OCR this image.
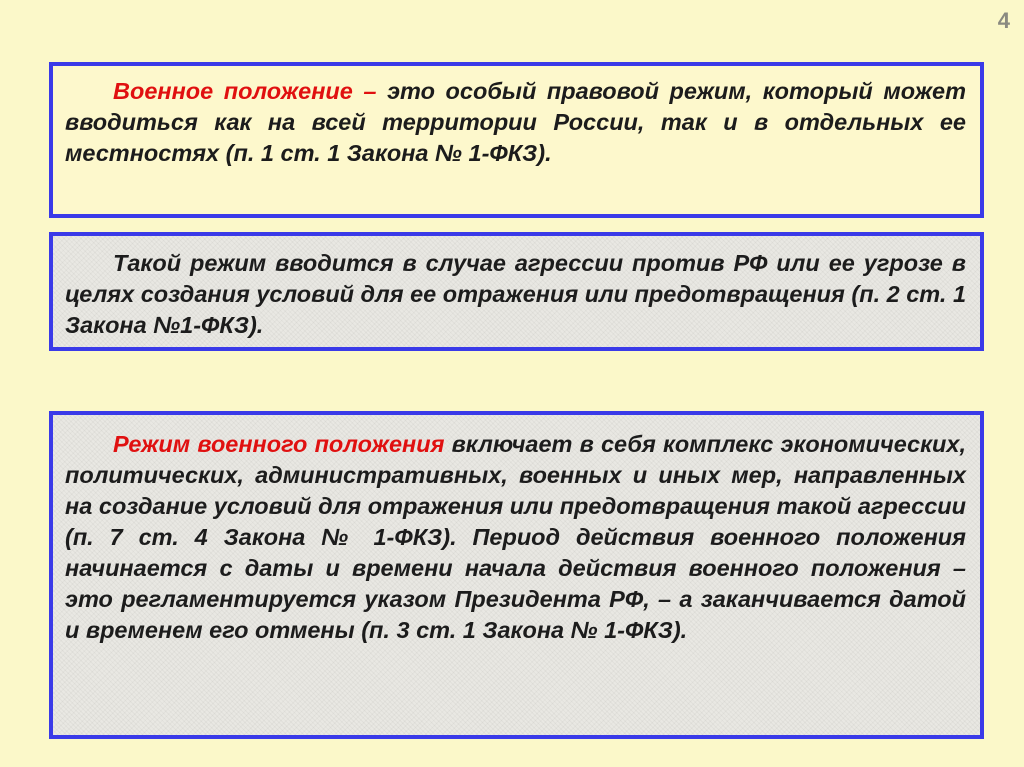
4

Военное положение – это особый правовой режим, который может вводиться как на всей территории России, так и в отдельных ее местностях (п. 1 ст. 1 Закона № 1-ФКЗ).

Такой режим вводится в случае агрессии против РФ или ее угрозе в целях создания условий для ее отражения или предотвращения (п. 2 ст. 1 Закона №1-ФКЗ).

Режим военного положения включает в себя комплекс экономических, политических, административных, военных и иных мер, направленных на создание условий для отражения или предотвращения такой агрессии (п. 7 ст. 4 Закона № 1-ФКЗ). Период действия военного положения начинается с даты и времени начала действия военного положения – это регламентируется указом Президента РФ, – а заканчивается датой и временем его отмены (п. 3 ст. 1 Закона № 1-ФКЗ).
